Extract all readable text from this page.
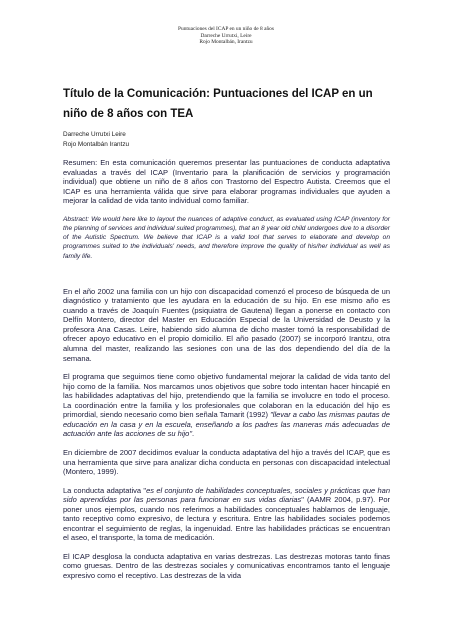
Puntuaciones del ICAP en un niño de 8 años
Darreche Urrutxi, Leire
Rojo Montalbán, Irantzu
Título de la Comunicación: Puntuaciones del ICAP en un niño de 8 años con TEA
Darreche Urrutxi Leire
Rojo Montalbán Irantzu

Resumen: En esta comunicación queremos presentar las puntuaciones de conducta adaptativa evaluadas a través del ICAP (Inventario para la planificación de servicios y programación individual) que obtiene un niño de 8 años con Trastorno del Espectro Autista. Creemos que el ICAP es una herramienta válida que sirve para elaborar programas individuales que ayuden a mejorar la calidad de vida tanto individual como familiar.

Abstract: We would here like to layout the nuances of adaptive conduct, as evaluated using ICAP (inventory for the planning of services and individual suited programmes), that an 8 year old child undergoes due to a disorder of the Autistic Spectrum. We believe that ICAP is a valid tool that serves to elaborate and develop on programmes suited to the individuals' needs, and therefore improve the quality of his/her individual as well as family life.

En el año 2002 una familia con un hijo con discapacidad comenzó el proceso de búsqueda de un diagnóstico y tratamiento que les ayudara en la educación de su hijo. En ese mismo año es cuando a través de Joaquín Fuentes (psiquiatra de Gautena) llegan a ponerse en contacto con Delfín Montero, director del Master en Educación Especial de la Universidad de Deusto y la profesora Ana Casas. Leire, habiendo sido alumna de dicho master tomó la responsabilidad de ofrecer apoyo educativo en el propio domicilio. El año pasado (2007) se incorporó Irantzu, otra alumna del master, realizando las sesiones con una de las dos dependiendo del día de la semana.

El programa que seguimos tiene como objetivo fundamental mejorar la calidad de vida tanto del hijo como de la familia. Nos marcamos unos objetivos que sobre todo intentan hacer hincapié en las habilidades adaptativas del hijo, pretendiendo que la familia se involucre en todo el proceso. La coordinación entre la familia y los profesionales que colaboran en la educación del hijo es primordial, siendo necesario como bien señala Tamarit (1992) "llevar a cabo las mismas pautas de educación en la casa y en la escuela, enseñando a los padres las maneras más adecuadas de actuación ante las acciones de su hijo".

En diciembre de 2007 decidimos evaluar la conducta adaptativa del hijo a través del ICAP, que es una herramienta que sirve para analizar dicha conducta en personas con discapacidad intelectual (Montero, 1999).

La conducta adaptativa "es el conjunto de habilidades conceptuales, sociales y prácticas que han sido aprendidas por las personas para funcionar en sus vidas diarias" (AAMR 2004, p.97). Por poner unos ejemplos, cuando nos referimos a habilidades conceptuales hablamos de lenguaje, tanto receptivo como expresivo, de lectura y escritura. Entre las habilidades sociales podemos encontrar el seguimiento de reglas, la ingenuidad. Entre las habilidades prácticas se encuentran el aseo, el transporte, la toma de medicación.

El ICAP desglosa la conducta adaptativa en varias destrezas. Las destrezas motoras tanto finas como gruesas. Dentro de las destrezas sociales y comunicativas encontramos tanto el lenguaje expresivo como el receptivo. Las destrezas de la vida
